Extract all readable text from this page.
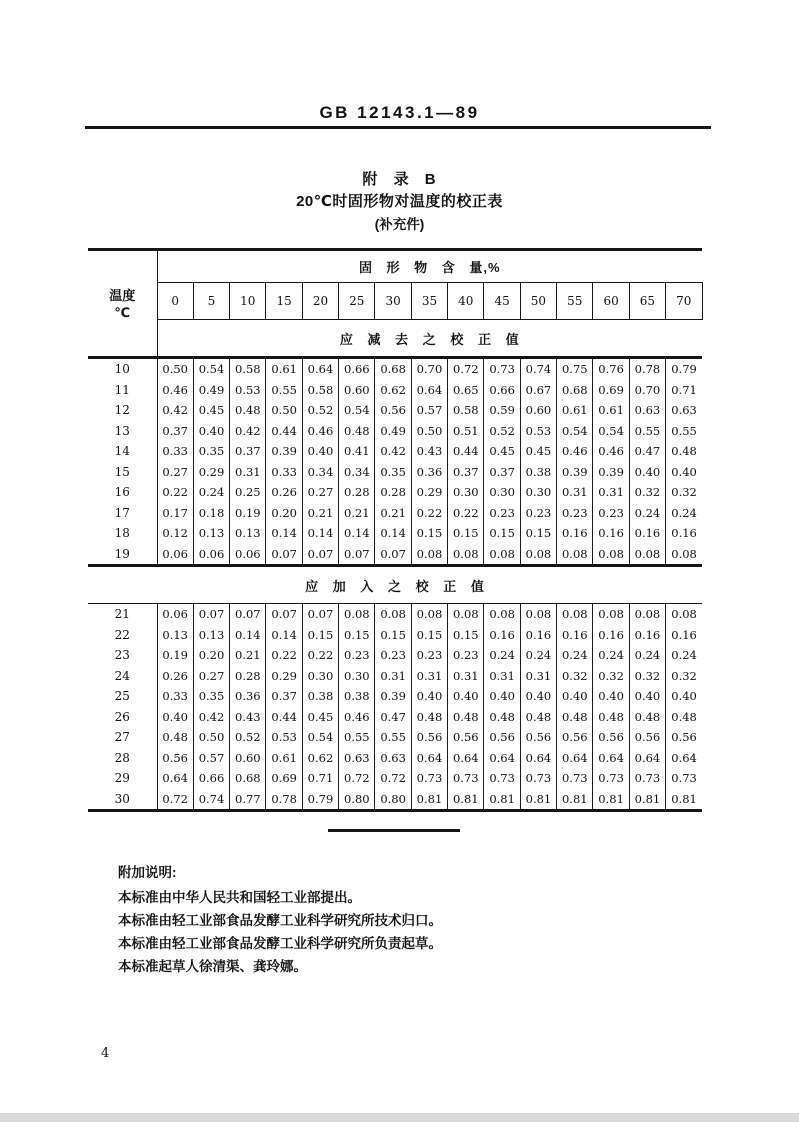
GB 12143.1—89
附 录 B
20℃时固形物对温度的校正表
(补充件)
温度
℃	固 形 物 含 量,%														
	0	5	10	15	20	25	30	35	40	45	50	55	60	65	70
	应 减 去 之 校 正 值														
10	0.50	0.54	0.58	0.61	0.64	0.66	0.68	0.70	0.72	0.73	0.74	0.75	0.76	0.78	0.79
11	0.46	0.49	0.53	0.55	0.58	0.60	0.62	0.64	0.65	0.66	0.67	0.68	0.69	0.70	0.71
12	0.42	0.45	0.48	0.50	0.52	0.54	0.56	0.57	0.58	0.59	0.60	0.61	0.61	0.63	0.63
13	0.37	0.40	0.42	0.44	0.46	0.48	0.49	0.50	0.51	0.52	0.53	0.54	0.54	0.55	0.55
14	0.33	0.35	0.37	0.39	0.40	0.41	0.42	0.43	0.44	0.45	0.45	0.46	0.46	0.47	0.48
15	0.27	0.29	0.31	0.33	0.34	0.34	0.35	0.36	0.37	0.37	0.38	0.39	0.39	0.40	0.40
16	0.22	0.24	0.25	0.26	0.27	0.28	0.28	0.29	0.30	0.30	0.30	0.31	0.31	0.32	0.32
17	0.17	0.18	0.19	0.20	0.21	0.21	0.21	0.22	0.22	0.23	0.23	0.23	0.23	0.24	0.24
18	0.12	0.13	0.13	0.14	0.14	0.14	0.14	0.15	0.15	0.15	0.15	0.16	0.16	0.16	0.16
19	0.06	0.06	0.06	0.07	0.07	0.07	0.07	0.08	0.08	0.08	0.08	0.08	0.08	0.08	0.08
应 加 入 之 校 正 值															
21	0.06	0.07	0.07	0.07	0.07	0.08	0.08	0.08	0.08	0.08	0.08	0.08	0.08	0.08	0.08
22	0.13	0.13	0.14	0.14	0.15	0.15	0.15	0.15	0.15	0.16	0.16	0.16	0.16	0.16	0.16
23	0.19	0.20	0.21	0.22	0.22	0.23	0.23	0.23	0.23	0.24	0.24	0.24	0.24	0.24	0.24
24	0.26	0.27	0.28	0.29	0.30	0.30	0.31	0.31	0.31	0.31	0.31	0.32	0.32	0.32	0.32
25	0.33	0.35	0.36	0.37	0.38	0.38	0.39	0.40	0.40	0.40	0.40	0.40	0.40	0.40	0.40
26	0.40	0.42	0.43	0.44	0.45	0.46	0.47	0.48	0.48	0.48	0.48	0.48	0.48	0.48	0.48
27	0.48	0.50	0.52	0.53	0.54	0.55	0.55	0.56	0.56	0.56	0.56	0.56	0.56	0.56	0.56
28	0.56	0.57	0.60	0.61	0.62	0.63	0.63	0.64	0.64	0.64	0.64	0.64	0.64	0.64	0.64
29	0.64	0.66	0.68	0.69	0.71	0.72	0.72	0.73	0.73	0.73	0.73	0.73	0.73	0.73	0.73
30	0.72	0.74	0.77	0.78	0.79	0.80	0.80	0.81	0.81	0.81	0.81	0.81	0.81	0.81	0.81
附加说明:
本标准由中华人民共和国轻工业部提出。
本标准由轻工业部食品发酵工业科学研究所技术归口。
本标准由轻工业部食品发酵工业科学研究所负责起草。
本标准起草人徐清渠、龚玲娜。
4
